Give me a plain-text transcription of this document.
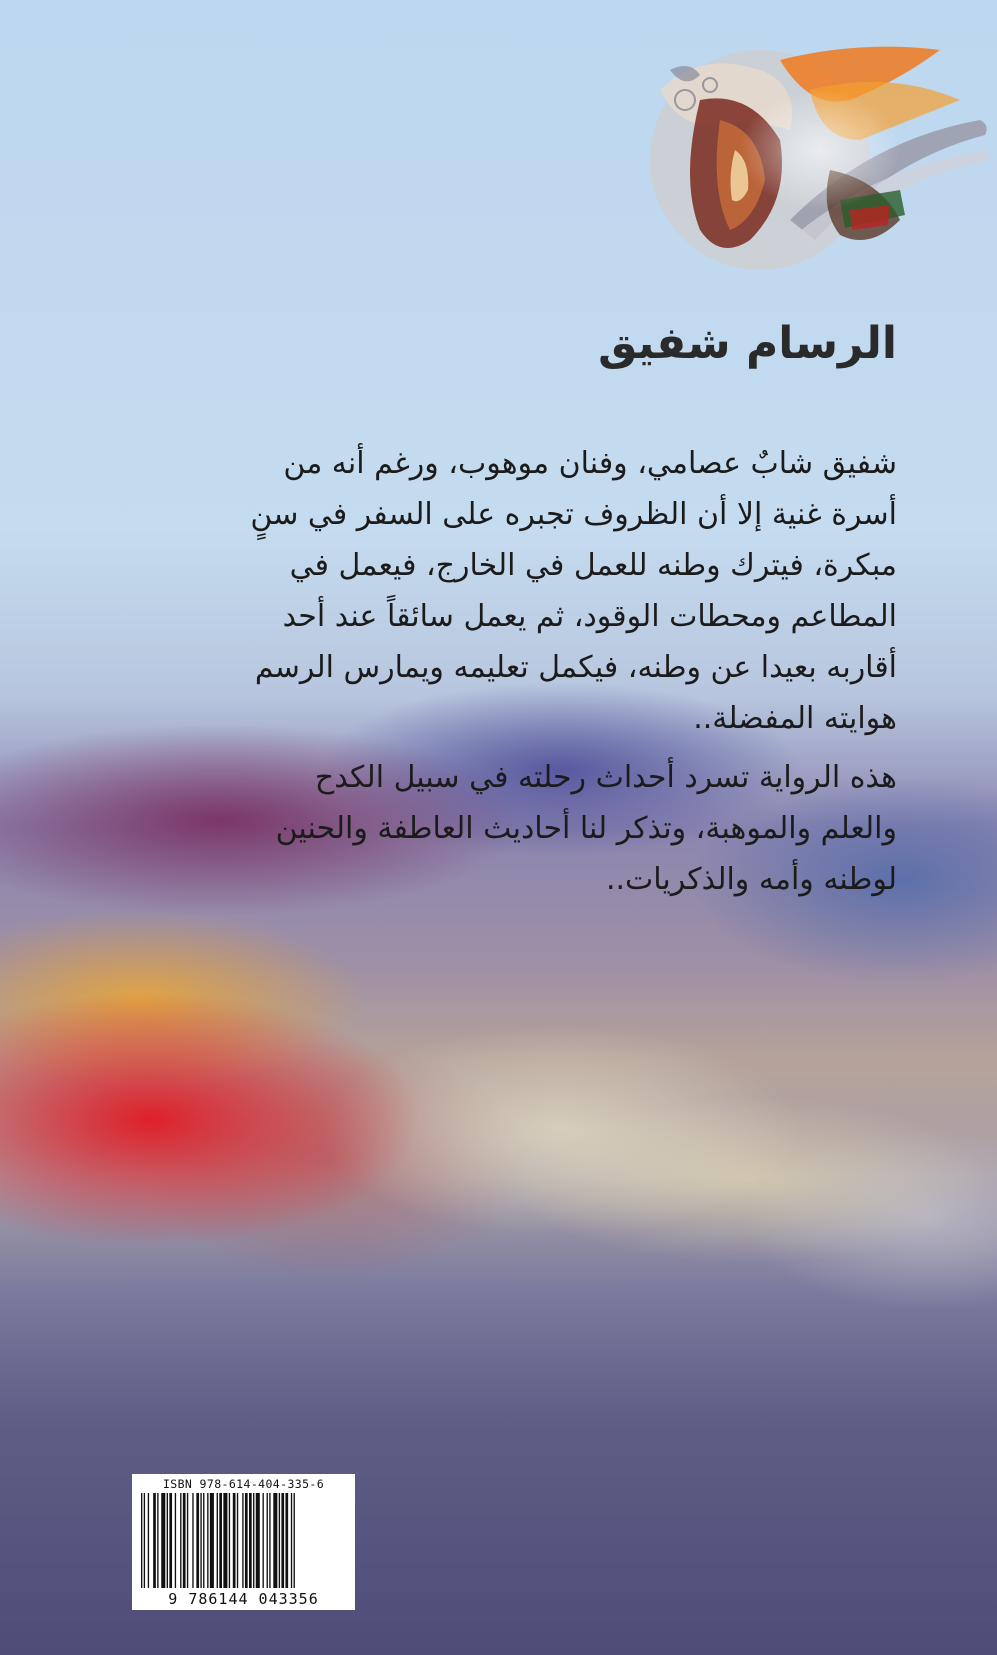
الرسام شفيق

شفيق شابٌ عصامي، وفنان موهوب، ورغم أنه من
أسرة غنية إلا أن الظروف تجبره على السفر في سنٍ
مبكرة، فيترك وطنه للعمل في الخارج، فيعمل في
المطاعم ومحطات الوقود، ثم يعمل سائقاً عند أحد
أقاربه بعيدا عن وطنه، فيكمل تعليمه ويمارس الرسم
هوايته المفضلة..

هذه الرواية تسرد أحداث رحلته في سبيل الكدح
والعلم والموهبة، وتذكر لنا أحاديث العاطفة والحنين
لوطنه وأمه والذكريات..

ISBN 978-614-404-335-6
9 786144 043356
